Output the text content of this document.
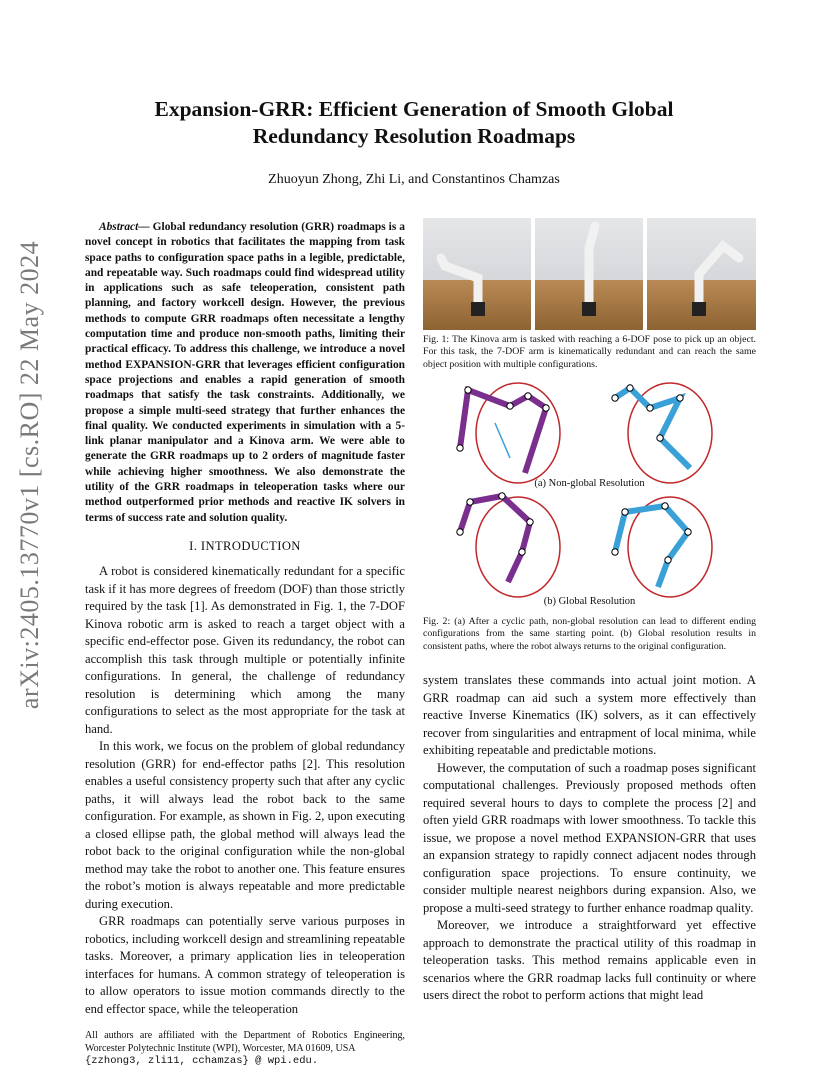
arXiv:2405.13770v1 [cs.RO] 22 May 2024
Expansion-GRR: Efficient Generation of Smooth Global
Redundancy Resolution Roadmaps
Zhuoyun Zhong, Zhi Li, and Constantinos Chamzas

Abstract— Global redundancy resolution (GRR) roadmaps is a novel concept in robotics that facilitates the mapping from task space paths to configuration space paths in a legible, predictable, and repeatable way. Such roadmaps could find widespread utility in applications such as safe teleoperation, consistent path planning, and factory workcell design. However, the previous methods to compute GRR roadmaps often necessitate a lengthy computation time and produce non-smooth paths, limiting their practical efficacy. To address this challenge, we introduce a novel method EXPANSION-GRR that leverages efficient configuration space projections and enables a rapid generation of smooth roadmaps that satisfy the task constraints. Additionally, we propose a simple multi-seed strategy that further enhances the final quality. We conducted experiments in simulation with a 5-link planar manipulator and a Kinova arm. We were able to generate the GRR roadmaps up to 2 orders of magnitude faster while achieving higher smoothness. We also demonstrate the utility of the GRR roadmaps in teleoperation tasks where our method outperformed prior methods and reactive IK solvers in terms of success rate and solution quality.

I. INTRODUCTION

A robot is considered kinematically redundant for a specific task if it has more degrees of freedom (DOF) than those strictly required by the task [1]. As demonstrated in Fig. 1, the 7-DOF Kinova robotic arm is asked to reach a target object with a specific end-effector pose. Given its redundancy, the robot can accomplish this task through multiple or potentially infinite configurations. In general, the challenge of redundancy resolution is determining which among the many configurations to select as the most appropriate for the task at hand.

In this work, we focus on the problem of global redundancy resolution (GRR) for end-effector paths [2]. This resolution enables a useful consistency property such that after any cyclic paths, it will always lead the robot back to the same configuration. For example, as shown in Fig. 2, upon executing a closed ellipse path, the global method will always lead the robot back to the original configuration while the non-global method may take the robot to another one. This feature ensures the robot’s motion is always repeatable and more predictable during execution.

GRR roadmaps can potentially serve various purposes in robotics, including workcell design and streamlining repeatable tasks. Moreover, a primary application lies in teleoperation interfaces for humans. A common strategy of teleoperation is to allow operators to issue motion commands directly to the end effector space, while the teleoperation

All authors are affiliated with the Department of Robotics Engineering, Worcester Polytechnic Institute (WPI), Worcester, MA 01609, USA
{zzhong3, zli11, cchamzas} @ wpi.edu.
Fig. 1: The Kinova arm is tasked with reaching a 6-DOF pose to pick up an object. For this task, the 7-DOF arm is kinematically redundant and can reach the same object position with multiple configurations.
(a) Non-global Resolution
(b) Global Resolution
Fig. 2: (a) After a cyclic path, non-global resolution can lead to different ending configurations from the same starting point. (b) Global resolution results in consistent paths, where the robot always returns to the original configuration.

system translates these commands into actual joint motion. A GRR roadmap can aid such a system more effectively than reactive Inverse Kinematics (IK) solvers, as it can effectively recover from singularities and entrapment of local minima, while exhibiting repeatable and predictable motions.

However, the computation of such a roadmap poses significant computational challenges. Previously proposed methods often required several hours to days to complete the process [2] and often yield GRR roadmaps with lower smoothness. To tackle this issue, we propose a novel method EXPANSION-GRR that uses an expansion strategy to rapidly connect adjacent nodes through configuration space projections. To ensure continuity, we consider multiple nearest neighbors during expansion. Also, we propose a multi-seed strategy to further enhance roadmap quality.

Moreover, we introduce a straightforward yet effective approach to demonstrate the practical utility of this roadmap in teleoperation tasks. This method remains applicable even in scenarios where the GRR roadmap lacks full continuity or where users direct the robot to perform actions that might lead
